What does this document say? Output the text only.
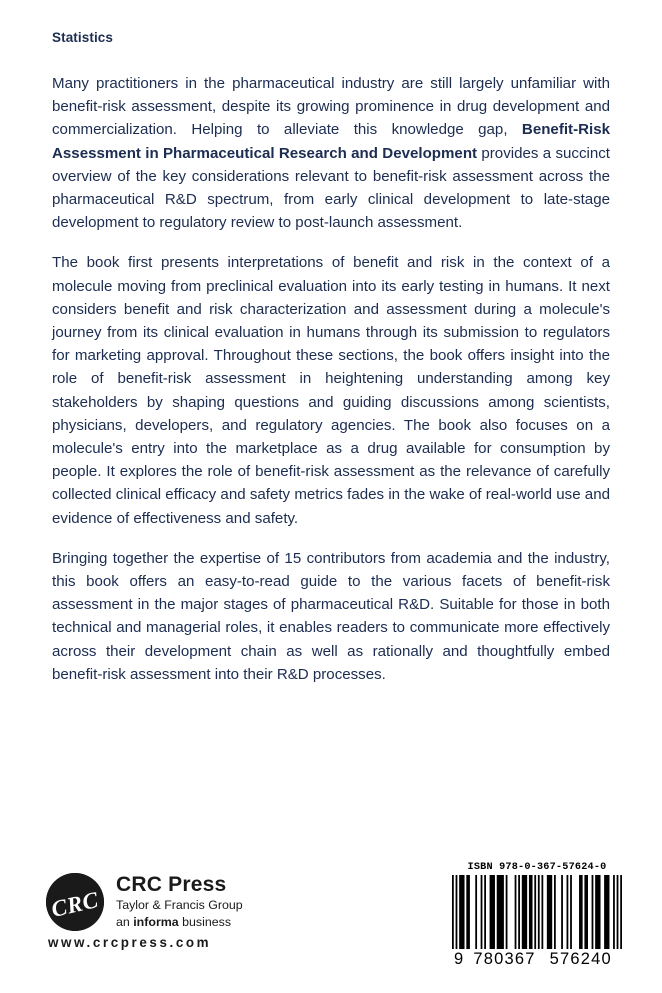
Statistics

Many practitioners in the pharmaceutical industry are still largely unfamiliar with benefit-risk assessment, despite its growing prominence in drug development and commercialization. Helping to alleviate this knowledge gap, Benefit-Risk Assessment in Pharmaceutical Research and Development provides a succinct overview of the key considerations relevant to benefit-risk assessment across the pharmaceutical R&D spectrum, from early clinical development to late-stage development to regulatory review to post-launch assessment.

The book first presents interpretations of benefit and risk in the context of a molecule moving from preclinical evaluation into its early testing in humans. It next considers benefit and risk characterization and assessment during a molecule's journey from its clinical evaluation in humans through its submission to regulators for marketing approval. Throughout these sections, the book offers insight into the role of benefit-risk assessment in heightening understanding among key stakeholders by shaping questions and guiding discussions among scientists, physicians, developers, and regulatory agencies. The book also focuses on a molecule's entry into the marketplace as a drug available for consumption by people. It explores the role of benefit-risk assessment as the relevance of carefully collected clinical efficacy and safety metrics fades in the wake of real-world use and evidence of effectiveness and safety.

Bringing together the expertise of 15 contributors from academia and the industry, this book offers an easy-to-read guide to the various facets of benefit-risk assessment in the major stages of pharmaceutical R&D. Suitable for those in both technical and managerial roles, it enables readers to communicate more effectively across their development chain as well as rationally and thoughtfully embed benefit-risk assessment into their R&D processes.

CRC
CRC Press
Taylor & Francis Group
an informa business
www.crcpress.com
ISBN 978-0-367-57624-0
9 780367 576240
